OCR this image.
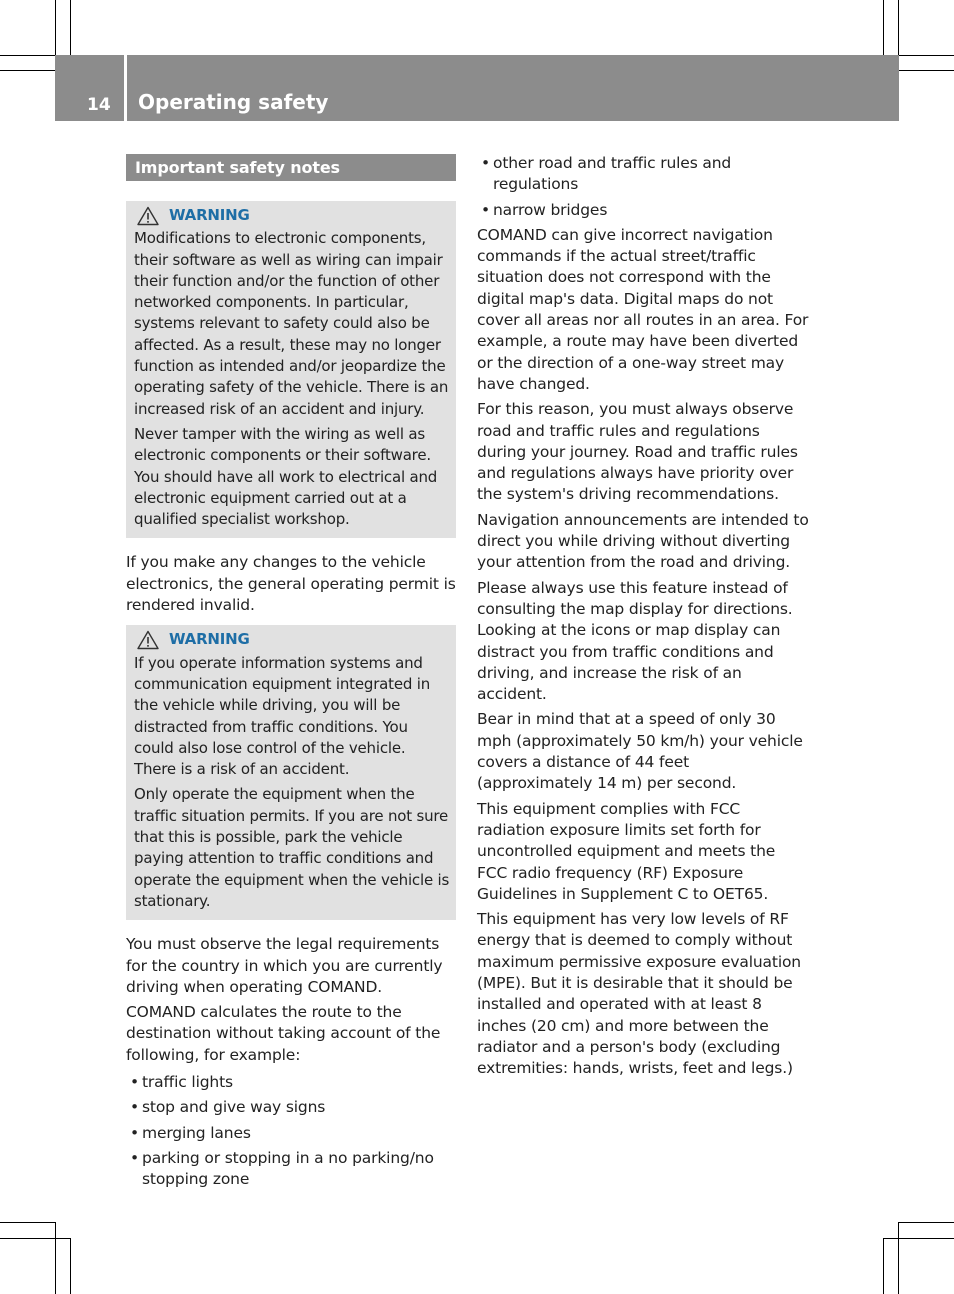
14 Operating safety
Important safety notes
WARNING

Modifications to electronic components, their software as well as wiring can impair their function and/or the function of other networked components. In particular, systems relevant to safety could also be affected. As a result, these may no longer function as intended and/or jeopardize the operating safety of the vehicle. There is an increased risk of an accident and injury.

Never tamper with the wiring as well as electronic components or their software. You should have all work to electrical and electronic equipment carried out at a qualified specialist workshop.

If you make any changes to the vehicle electronics, the general operating permit is rendered invalid.

WARNING

If you operate information systems and communication equipment integrated in the vehicle while driving, you will be distracted from traffic conditions. You could also lose control of the vehicle. There is a risk of an accident.

Only operate the equipment when the traffic situation permits. If you are not sure that this is possible, park the vehicle paying attention to traffic conditions and operate the equipment when the vehicle is stationary.

You must observe the legal requirements for the country in which you are currently driving when operating COMAND.

COMAND calculates the route to the destination without taking account of the following, for example:

• traffic lights
• stop and give way signs
• merging lanes
• parking or stopping in a no parking/no stopping zone
• other road and traffic rules and regulations
• narrow bridges

COMAND can give incorrect navigation commands if the actual street/traffic situation does not correspond with the digital map's data. Digital maps do not cover all areas nor all routes in an area. For example, a route may have been diverted or the direction of a one-way street may have changed.

For this reason, you must always observe road and traffic rules and regulations during your journey. Road and traffic rules and regulations always have priority over the system's driving recommendations.

Navigation announcements are intended to direct you while driving without diverting your attention from the road and driving.

Please always use this feature instead of consulting the map display for directions. Looking at the icons or map display can distract you from traffic conditions and driving, and increase the risk of an accident.

Bear in mind that at a speed of only 30 mph (approximately 50 km/h) your vehicle covers a distance of 44 feet (approximately 14 m) per second.

This equipment complies with FCC radiation exposure limits set forth for uncontrolled equipment and meets the FCC radio frequency (RF) Exposure Guidelines in Supplement C to OET65.

This equipment has very low levels of RF energy that is deemed to comply without maximum permissive exposure evaluation (MPE). But it is desirable that it should be installed and operated with at least 8 inches (20 cm) and more between the radiator and a person's body (excluding extremities: hands, wrists, feet and legs.)
